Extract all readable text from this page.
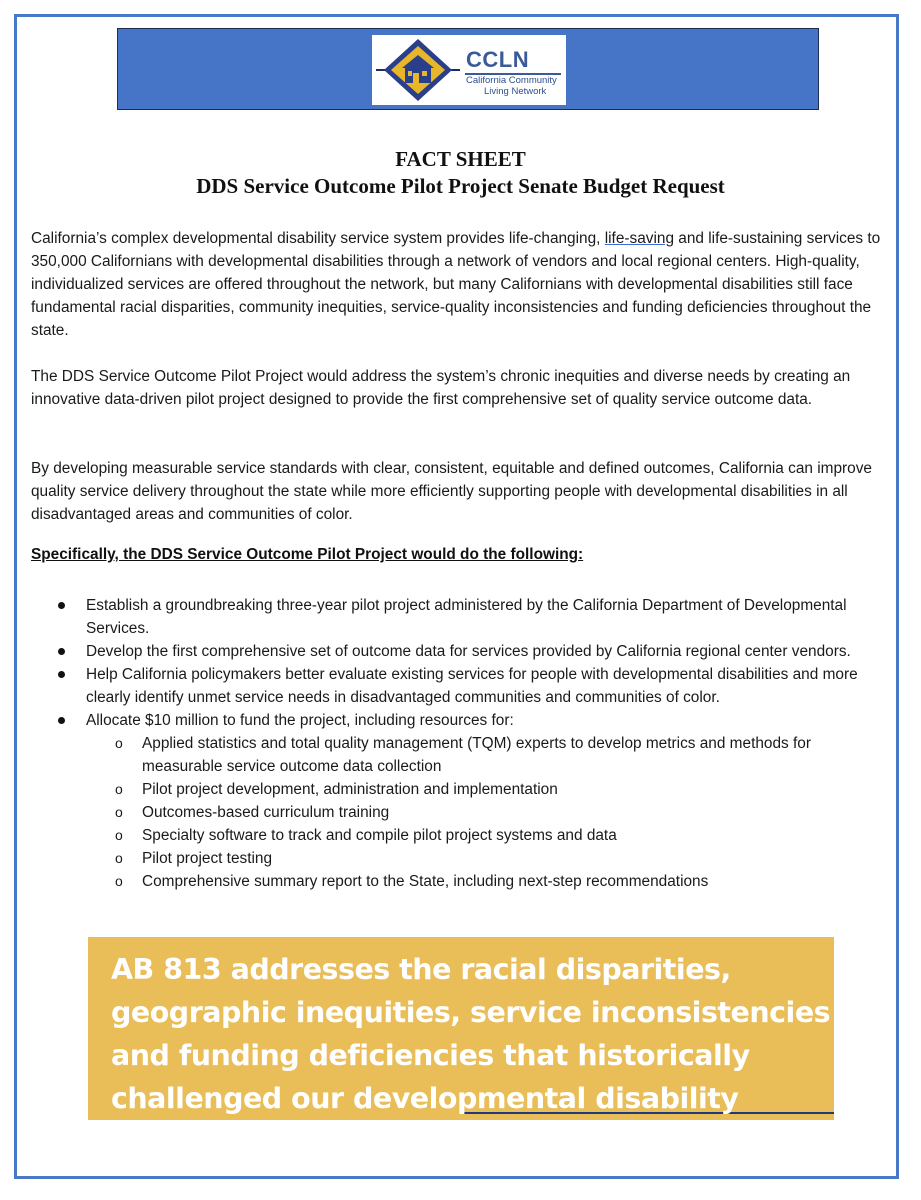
CCLN
California Community
Living Network
FACT SHEET
DDS Service Outcome Pilot Project Senate Budget Request
California’s complex developmental disability service system provides life-changing, life-saving and life-sustaining services to 350,000 Californians with developmental disabilities through a network of vendors and local regional centers. High-quality, individualized services are offered throughout the network, but many Californians with developmental disabilities still face fundamental racial disparities, community inequities, service-quality inconsistencies and funding deficiencies throughout the state.
The DDS Service Outcome Pilot Project would address the system’s chronic inequities and diverse needs by creating an innovative data-driven pilot project designed to provide the first comprehensive set of quality service outcome data.
By developing measurable service standards with clear, consistent, equitable and defined outcomes, California can improve quality service delivery throughout the state while more efficiently supporting people with developmental disabilities in all disadvantaged areas and communities of color.
Specifically, the DDS Service Outcome Pilot Project would do the following:
Establish a groundbreaking three-year pilot project administered by the California Department of Developmental Services.
Develop the first comprehensive set of outcome data for services provided by California regional center vendors.
Help California policymakers better evaluate existing services for people with developmental disabilities and more clearly identify unmet service needs in disadvantaged communities and communities of color.
Allocate $10 million to fund the project, including resources for:
o Applied statistics and total quality management (TQM) experts to develop metrics and methods for measurable service outcome data collection
o Pilot project development, administration and implementation
o Outcomes-based curriculum training
o Specialty software to track and compile pilot project systems and data
o Pilot project testing
o Comprehensive summary report to the State, including next-step recommendations
AB 813 addresses the racial disparities, geographic inequities, service inconsistencies and funding deficiencies that historically challenged our developmental disability service system.
